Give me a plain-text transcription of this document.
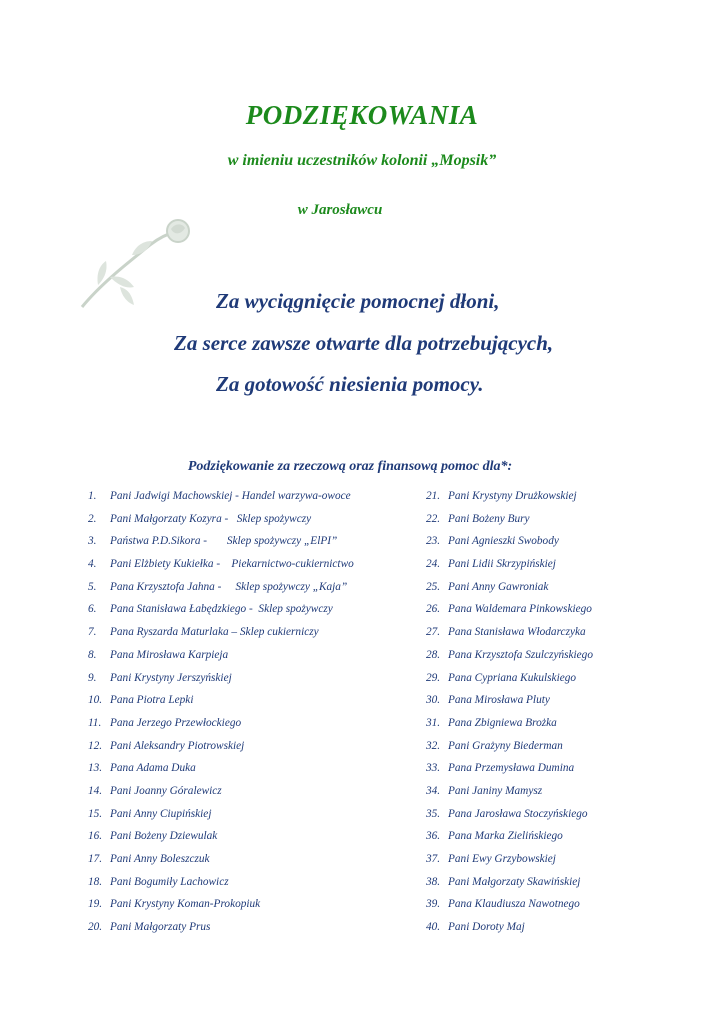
PODZIĘKOWANIA
w imieniu uczestników kolonii „Mopsik”
w Jarosławcu
Za wyciągnięcie pomocnej dłoni,
Za serce zawsze otwarte dla potrzebujących,
Za gotowość niesienia pomocy.
Podziękowanie za rzeczową oraz finansową pomoc dla*:
1. Pani Jadwigi Machowskiej - Handel warzywa-owoce
2. Pani Małgorzaty Kozyra -   Sklep spożywczy
3. Państwa P.D.Sikora -       Sklep spożywczy „ElPI”
4. Pani Elżbiety Kukiełka -    Piekarnictwo-cukiernictwo
5. Pana Krzysztofa Jahna -     Sklep spożywczy „Kaja”
6. Pana Stanisława Łabędzkiego -  Sklep spożywczy
7. Pana Ryszarda Maturlaka – Sklep cukierniczy
8. Pana Mirosława Karpieja
9. Pani Krystyny Jerszyńskiej
10. Pana Piotra Lepki
11. Pana Jerzego Przewłockiego
12. Pani Aleksandry Piotrowskiej
13. Pana Adama Duka
14. Pani Joanny Góralewicz
15. Pani Anny Ciupińskiej
16. Pani Bożeny Dziewulak
17. Pani Anny Boleszczuk
18. Pani Bogumiły Lachowicz
19. Pani Krystyny Koman-Prokopiuk
20. Pani Małgorzaty Prus
21. Pani Krystyny Drużkowskiej
22. Pani Bożeny Bury
23. Pani Agnieszki Swobody
24. Pani Lidii Skrzypińskiej
25. Pani Anny Gawroniak
26. Pana Waldemara Pinkowskiego
27. Pana Stanisława Włodarczyka
28. Pana Krzysztofa Szulczyńskiego
29. Pana Cypriana Kukulskiego
30. Pana Mirosława Pluty
31. Pana Zbigniewa Brożka
32. Pani Grażyny Biederman
33. Pana Przemysława Dumina
34. Pani Janiny Mamysz
35. Pana Jarosława Stoczyńskiego
36. Pana Marka Zielińskiego
37. Pani Ewy Grzybowskiej
38. Pani Małgorzaty Skawińskiej
39. Pana Klaudiusza Nawotnego
40. Pani Doroty Maj
